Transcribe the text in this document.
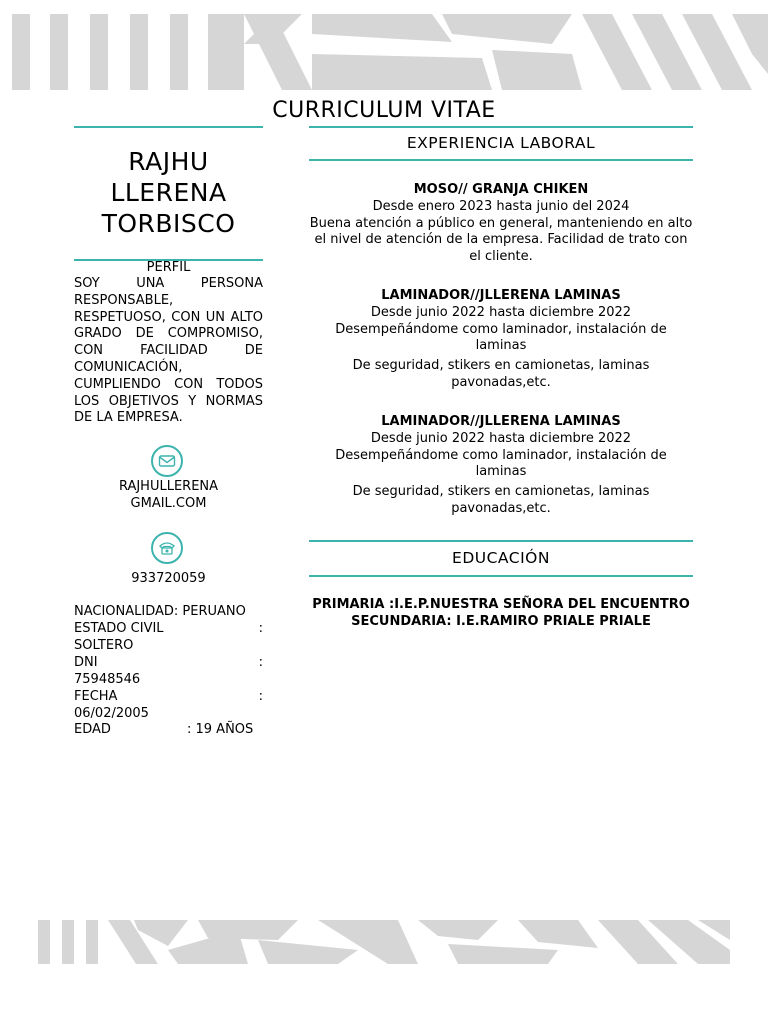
CURRICULUM VITAE
RAJHU
LLERENA
TORBISCO
PERFIL
SOY UNA PERSONA RESPONSABLE, RESPETUOSO, CON UN ALTO GRADO DE COMPROMISO, CON FACILIDAD DE COMUNICACIÓN, CUMPLIENDO CON TODOS LOS OBJETIVOS Y NORMAS DE LA EMPRESA.
RAJHULLERENA
GMAIL.COM
933720059
NACIONALIDAD: PERUANO
ESTADO CIVIL	:
SOLTERO
DNI	:
75948546
FECHA	:
06/02/2005
EDAD	: 19 AÑOS
EXPERIENCIA LABORAL
MOSO// GRANJA CHIKEN
Desde enero 2023 hasta junio del 2024
Buena atención a público en general, manteniendo en alto el nivel de atención de la empresa. Facilidad de trato con el cliente.
LAMINADOR//JLLERENA LAMINAS
Desde junio 2022 hasta diciembre 2022
Desempeñándome como laminador, instalación de laminas
De seguridad, stikers en camionetas, laminas pavonadas,etc.
LAMINADOR//JLLERENA LAMINAS
Desde junio 2022 hasta diciembre 2022
Desempeñándome como laminador, instalación de laminas
De seguridad, stikers en camionetas, laminas pavonadas,etc.
EDUCACIÓN
PRIMARIA :I.E.P.NUESTRA SEÑORA DEL ENCUENTRO
SECUNDARIA: I.E.RAMIRO PRIALE PRIALE
